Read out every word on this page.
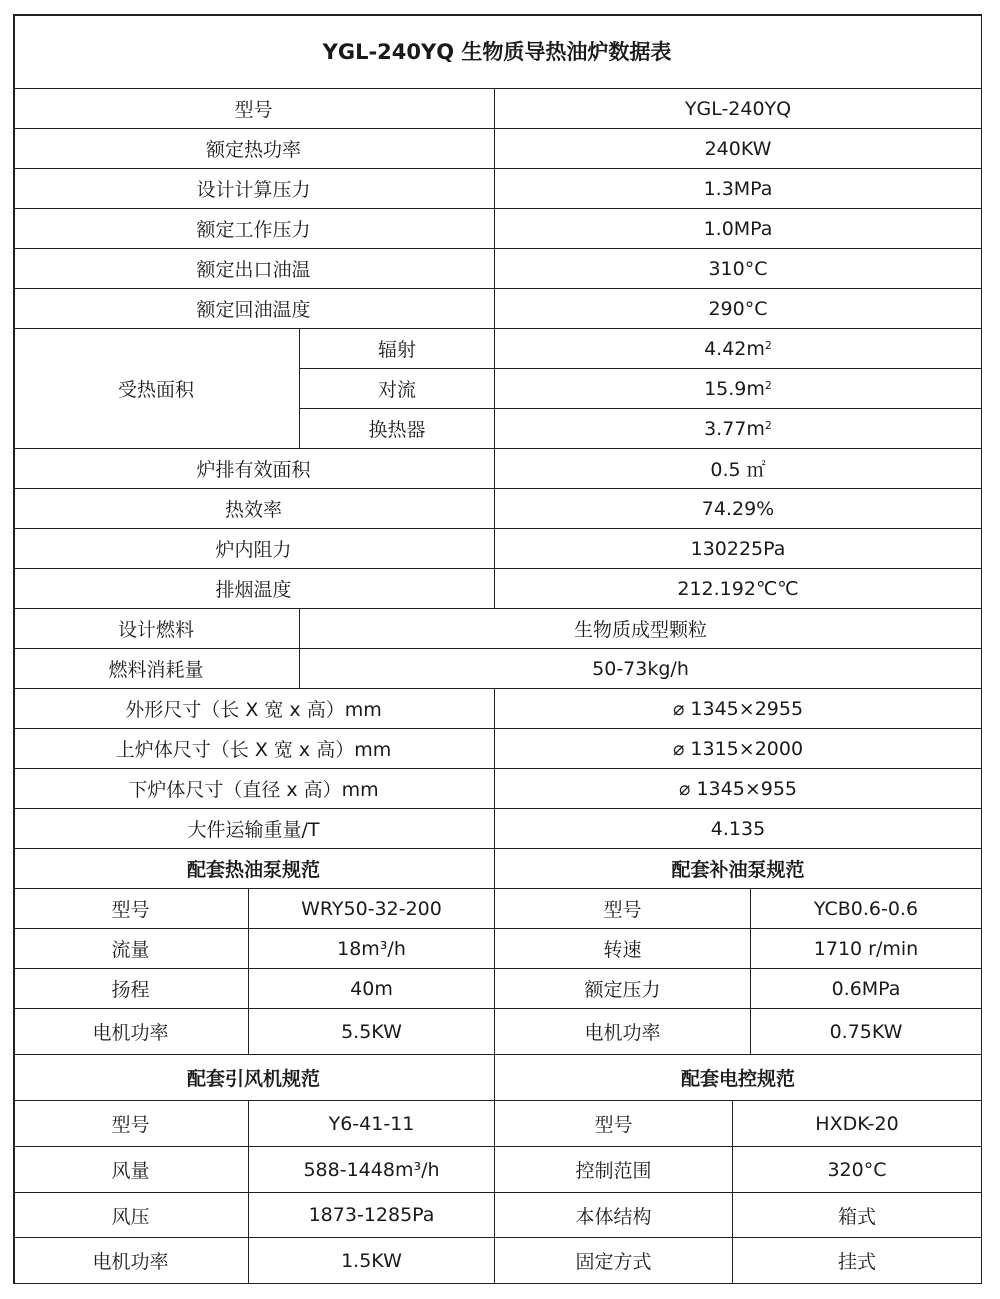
YGL-240YQ 生物质导热油炉数据表
型号	YGL-240YQ
额定热功率	240KW
设计计算压力	1.3MPa
额定工作压力	1.0MPa
额定出口油温	310°C
额定回油温度	290°C
受热面积
辐射	$4.42m^2$
对流	$15.9m^2$
换热器	$3.77m^2$
炉排有效面积	0.5 ㎡
热效率	74.29%
炉内阻力	130225Pa
排烟温度	212.192℃℃
设计燃料	生物质成型颗粒
燃料消耗量	50-73kg/h
外形尺寸（长 X 宽 x 高）mm	⌀ 1345×2955
上炉体尺寸（长 X 宽 x 高）mm	⌀ 1315×2000
下炉体尺寸（直径 x 高）mm	⌀ 1345×955
大件运输重量/T	4.135
配套热油泵规范	配套补油泵规范
型号	WRY50-32-200	型号	YCB0.6-0.6
流量	18m³/h	转速	1710 r/min
扬程	40m	额定压力	0.6MPa
电机功率	5.5KW	电机功率	0.75KW
配套引风机规范	配套电控规范
型号	Y6-41-11	型号	HXDK-20
风量	588-1448m³/h	控制范围	320°C
风压	1873-1285Pa	本体结构	箱式
电机功率	1.5KW	固定方式	挂式
